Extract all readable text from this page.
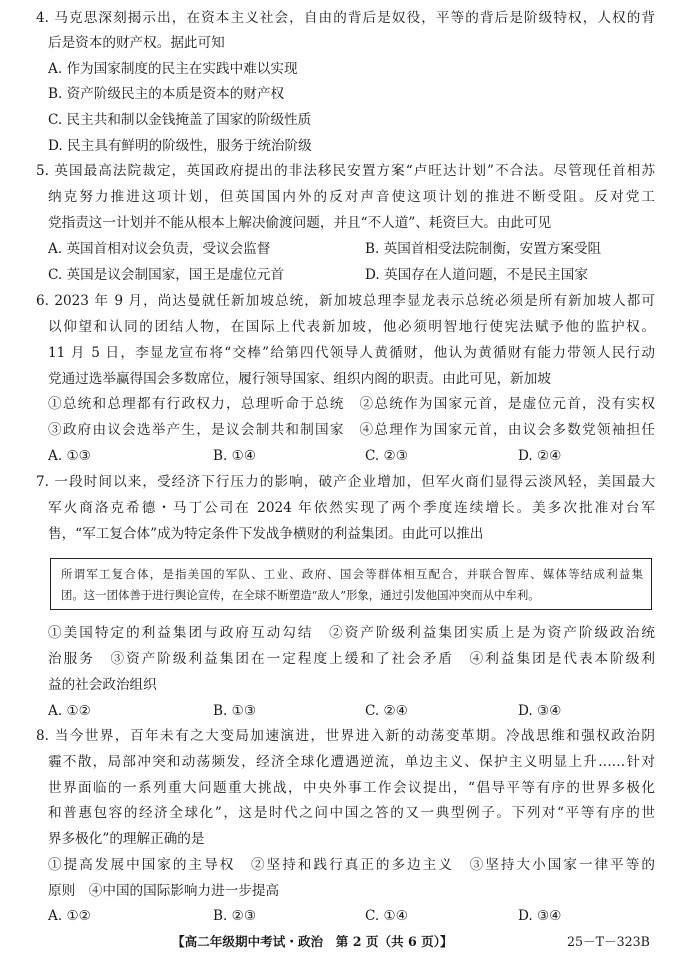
4. 马克思深刻揭示出，在资本主义社会，自由的背后是奴役，平等的背后是阶级特权，人权的背
后是资本的财产权。据此可知
A. 作为国家制度的民主在实践中难以实现
B. 资产阶级民主的本质是资本的财产权
C. 民主共和制以金钱掩盖了国家的阶级性质
D. 民主具有鲜明的阶级性，服务于统治阶级
5. 英国最高法院裁定，英国政府提出的非法移民安置方案“卢旺达计划”不合法。尽管现任首相苏
纳克努力推进这项计划，但英国国内外的反对声音使这项计划的推进不断受阻。反对党工
党指责这一计划并不能从根本上解决偷渡问题，并且“不人道”、耗资巨大。由此可见
A. 英国首相对议会负责，受议会监督	B. 英国首相受法院制衡，安置方案受阻
C. 英国是议会制国家，国王是虚位元首	D. 英国存在人道问题，不是民主国家
6. 2023 年 9 月，尚达曼就任新加坡总统，新加坡总理李显龙表示总统必须是所有新加坡人都可
以仰望和认同的团结人物，在国际上代表新加坡，他必须明智地行使宪法赋予他的监护权。
11 月 5 日，李显龙宣布将“交棒”给第四代领导人黄循财，他认为黄循财有能力带领人民行动
党通过选举赢得国会多数席位，履行领导国家、组织内阁的职责。由此可见，新加坡
①总统和总理都有行政权力，总理听命于总统　②总统作为国家元首，是虚位元首，没有实权
③政府由议会选举产生，是议会制共和制国家　④总理作为国家元首，由议会多数党领袖担任
A. ①③	B. ①④	C. ②③	D. ②④
7. 一段时间以来，受经济下行压力的影响，破产企业增加，但军火商们显得云淡风轻，美国最大
军火商洛克希德・马丁公司在 2024 年依然实现了两个季度连续增长。美多次批准对台军
售，“军工复合体”成为特定条件下发战争横财的利益集团。由此可以推出
所谓军工复合体，是指美国的军队、工业、政府、国会等群体相互配合，并联合智库、媒体等结成利益集
团。这一团体善于进行舆论宣传，在全球不断塑造“敌人”形象，通过引发他国冲突而从中牟利。
①美国特定的利益集团与政府互动勾结　②资产阶级利益集团实质上是为资产阶级政治统
治服务　③资产阶级利益集团在一定程度上缓和了社会矛盾　④利益集团是代表本阶级利
益的社会政治组织
A. ①②	B. ①③	C. ②④	D. ③④
8. 当今世界，百年未有之大变局加速演进，世界进入新的动荡变革期。冷战思维和强权政治阴
霾不散，局部冲突和动荡频发，经济全球化遭遇逆流，单边主义、保护主义明显上升……针对
世界面临的一系列重大问题重大挑战，中央外事工作会议提出，“倡导平等有序的世界多极化
和普惠包容的经济全球化”，这是时代之问中国之答的又一典型例子。下列对“平等有序的世
界多极化”的理解正确的是
①提高发展中国家的主导权　②坚持和践行真正的多边主义　③坚持大小国家一律平等的
原则　④中国的国际影响力进一步提高
A. ①②	B. ②③	C. ①④	D. ③④
【高二年级期中考试・政治　第 2 页（共 6 页）】	25－T－323B
